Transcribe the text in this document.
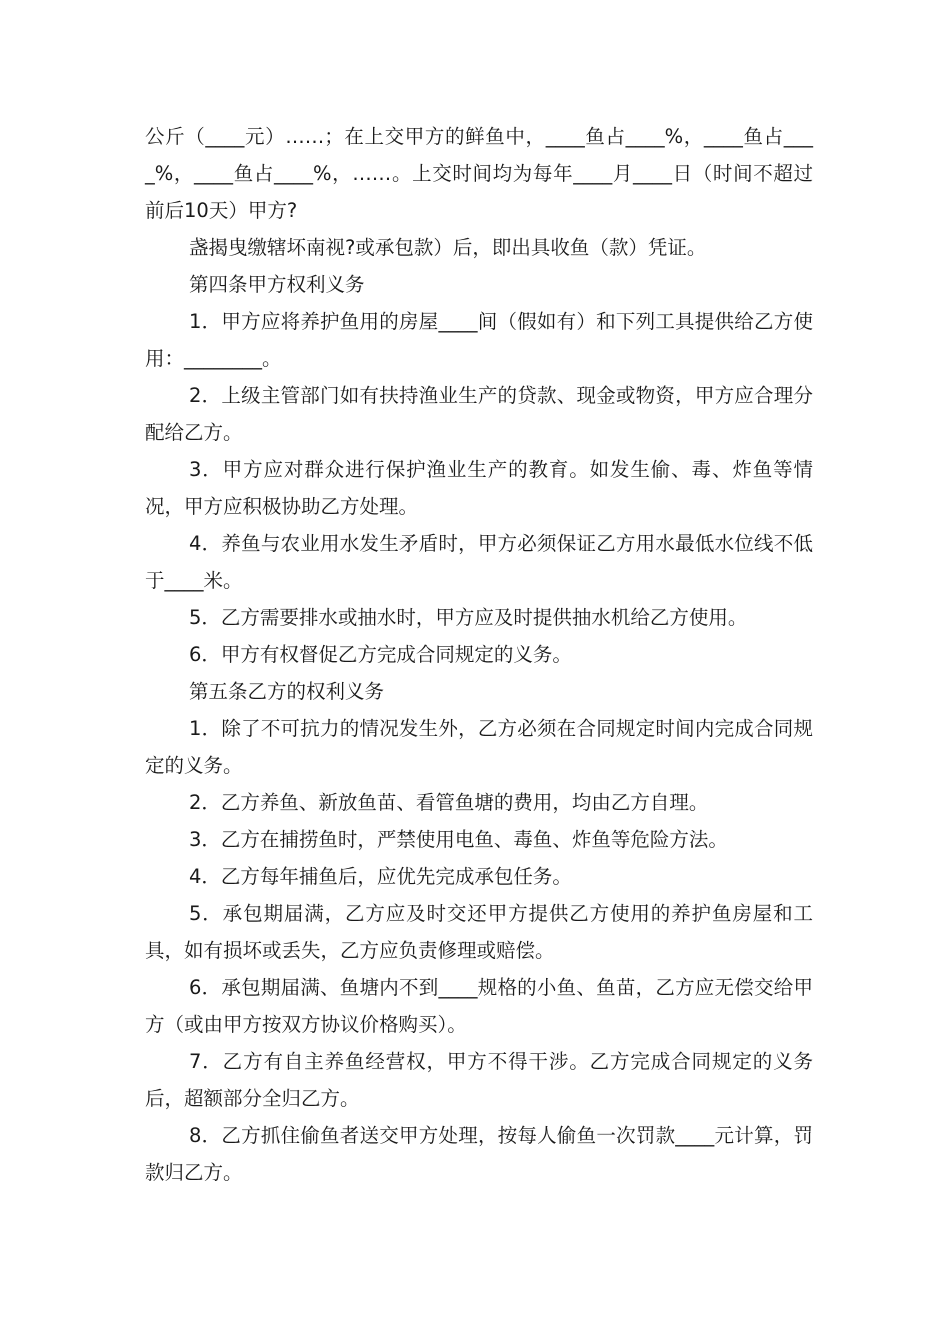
公斤（____元）……；在上交甲方的鲜鱼中，____鱼占____%，____鱼占____%，____鱼占____%，……。上交时间均为每年____月____日（时间不超过前后10天）甲方?

盏揭曳缴辖坏南视?或承包款）后，即出具收鱼（款）凭证。

第四条甲方权利义务

1．甲方应将养护鱼用的房屋____间（假如有）和下列工具提供给乙方使用：________。

2．上级主管部门如有扶持渔业生产的贷款、现金或物资，甲方应合理分配给乙方。

3．甲方应对群众进行保护渔业生产的教育。如发生偷、毒、炸鱼等情况，甲方应积极协助乙方处理。

4．养鱼与农业用水发生矛盾时，甲方必须保证乙方用水最低水位线不低于____米。

5．乙方需要排水或抽水时，甲方应及时提供抽水机给乙方使用。

6．甲方有权督促乙方完成合同规定的义务。

第五条乙方的权利义务

1．除了不可抗力的情况发生外，乙方必须在合同规定时间内完成合同规定的义务。

2．乙方养鱼、新放鱼苗、看管鱼塘的费用，均由乙方自理。

3．乙方在捕捞鱼时，严禁使用电鱼、毒鱼、炸鱼等危险方法。

4．乙方每年捕鱼后，应优先完成承包任务。

5．承包期届满，乙方应及时交还甲方提供乙方使用的养护鱼房屋和工具，如有损坏或丢失，乙方应负责修理或赔偿。

6．承包期届满、鱼塘内不到____规格的小鱼、鱼苗，乙方应无偿交给甲方（或由甲方按双方协议价格购买）。

7．乙方有自主养鱼经营权，甲方不得干涉。乙方完成合同规定的义务后，超额部分全归乙方。

8．乙方抓住偷鱼者送交甲方处理，按每人偷鱼一次罚款____元计算，罚款归乙方。
